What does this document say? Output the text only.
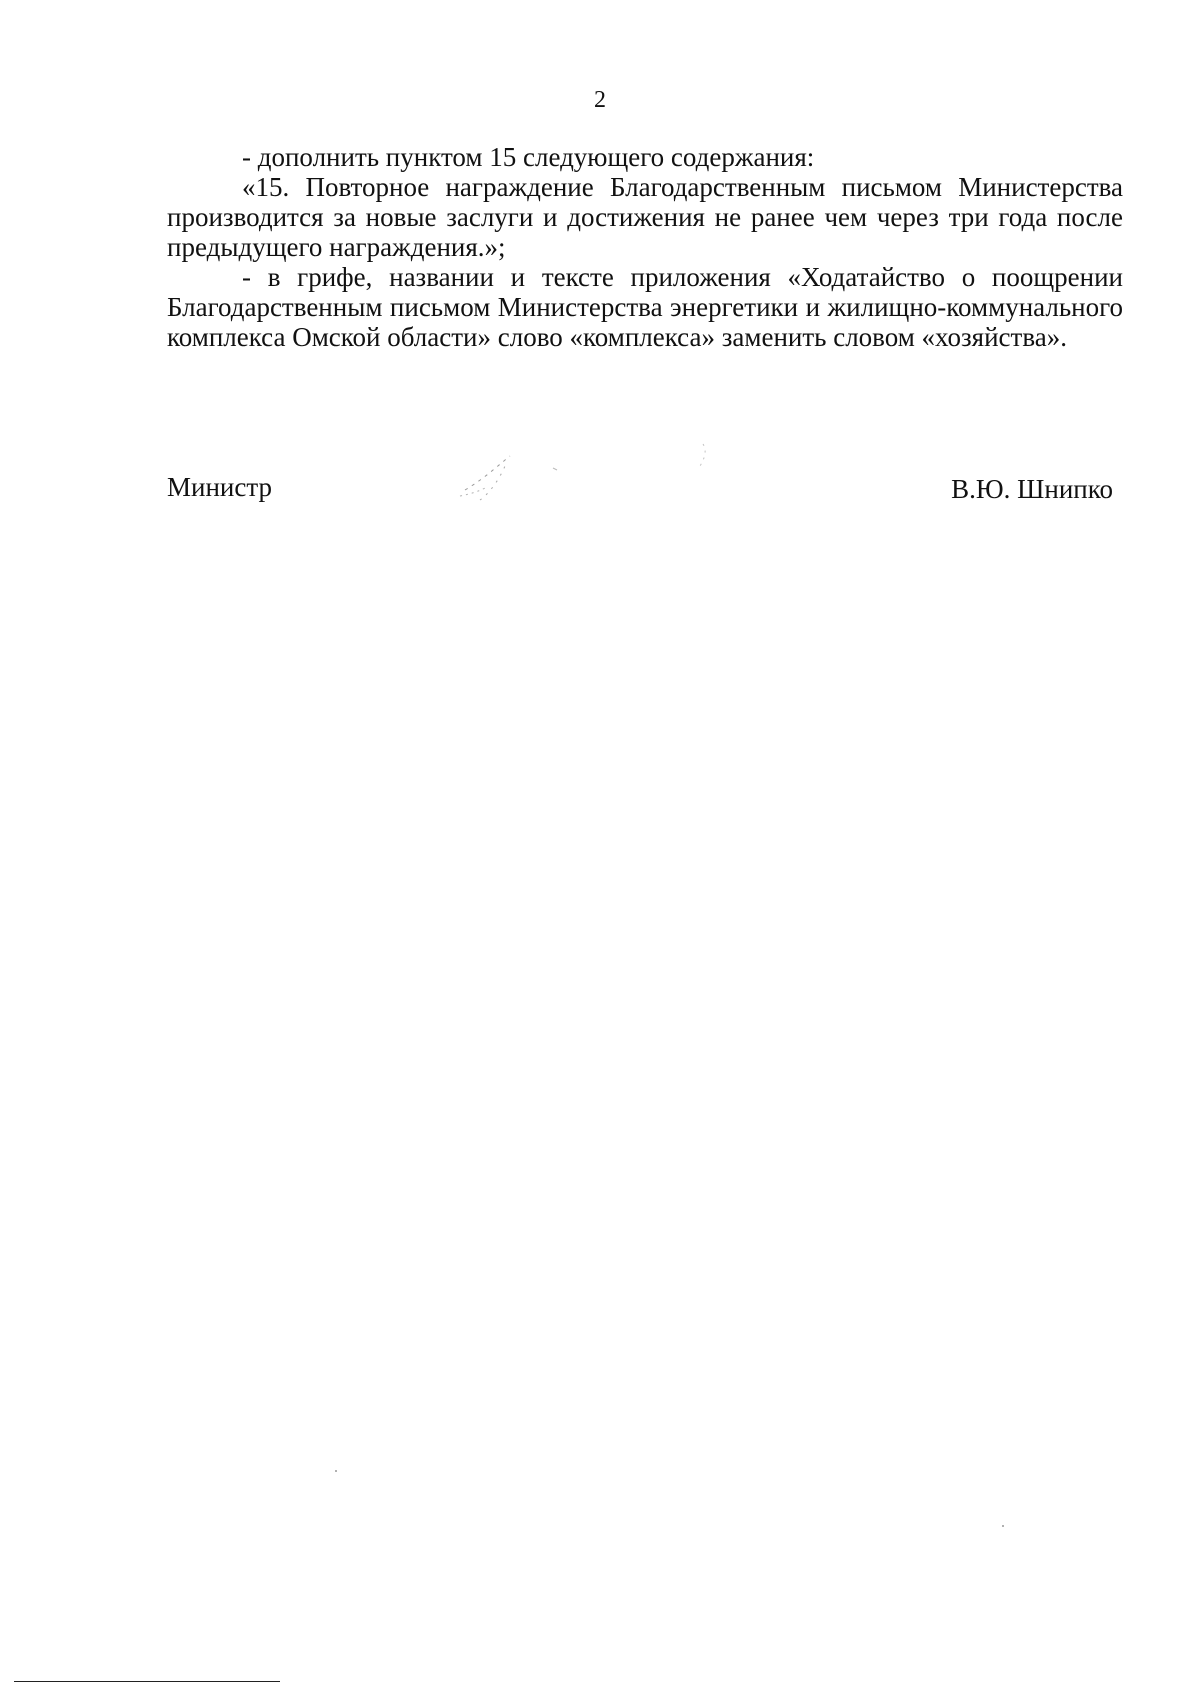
2

- дополнить пунктом 15 следующего содержания:

«15. Повторное награждение Благодарственным письмом Министерства производится за новые заслуги и достижения не ранее чем через три года после предыдущего награждения.»;

- в грифе, названии и тексте приложения «Ходатайство о поощрении Благодарственным письмом Министерства энергетики и жилищно-коммунального комплекса Омской области» слово «комплекса» заменить словом «хозяйства».

Министр	В.Ю. Шнипко
